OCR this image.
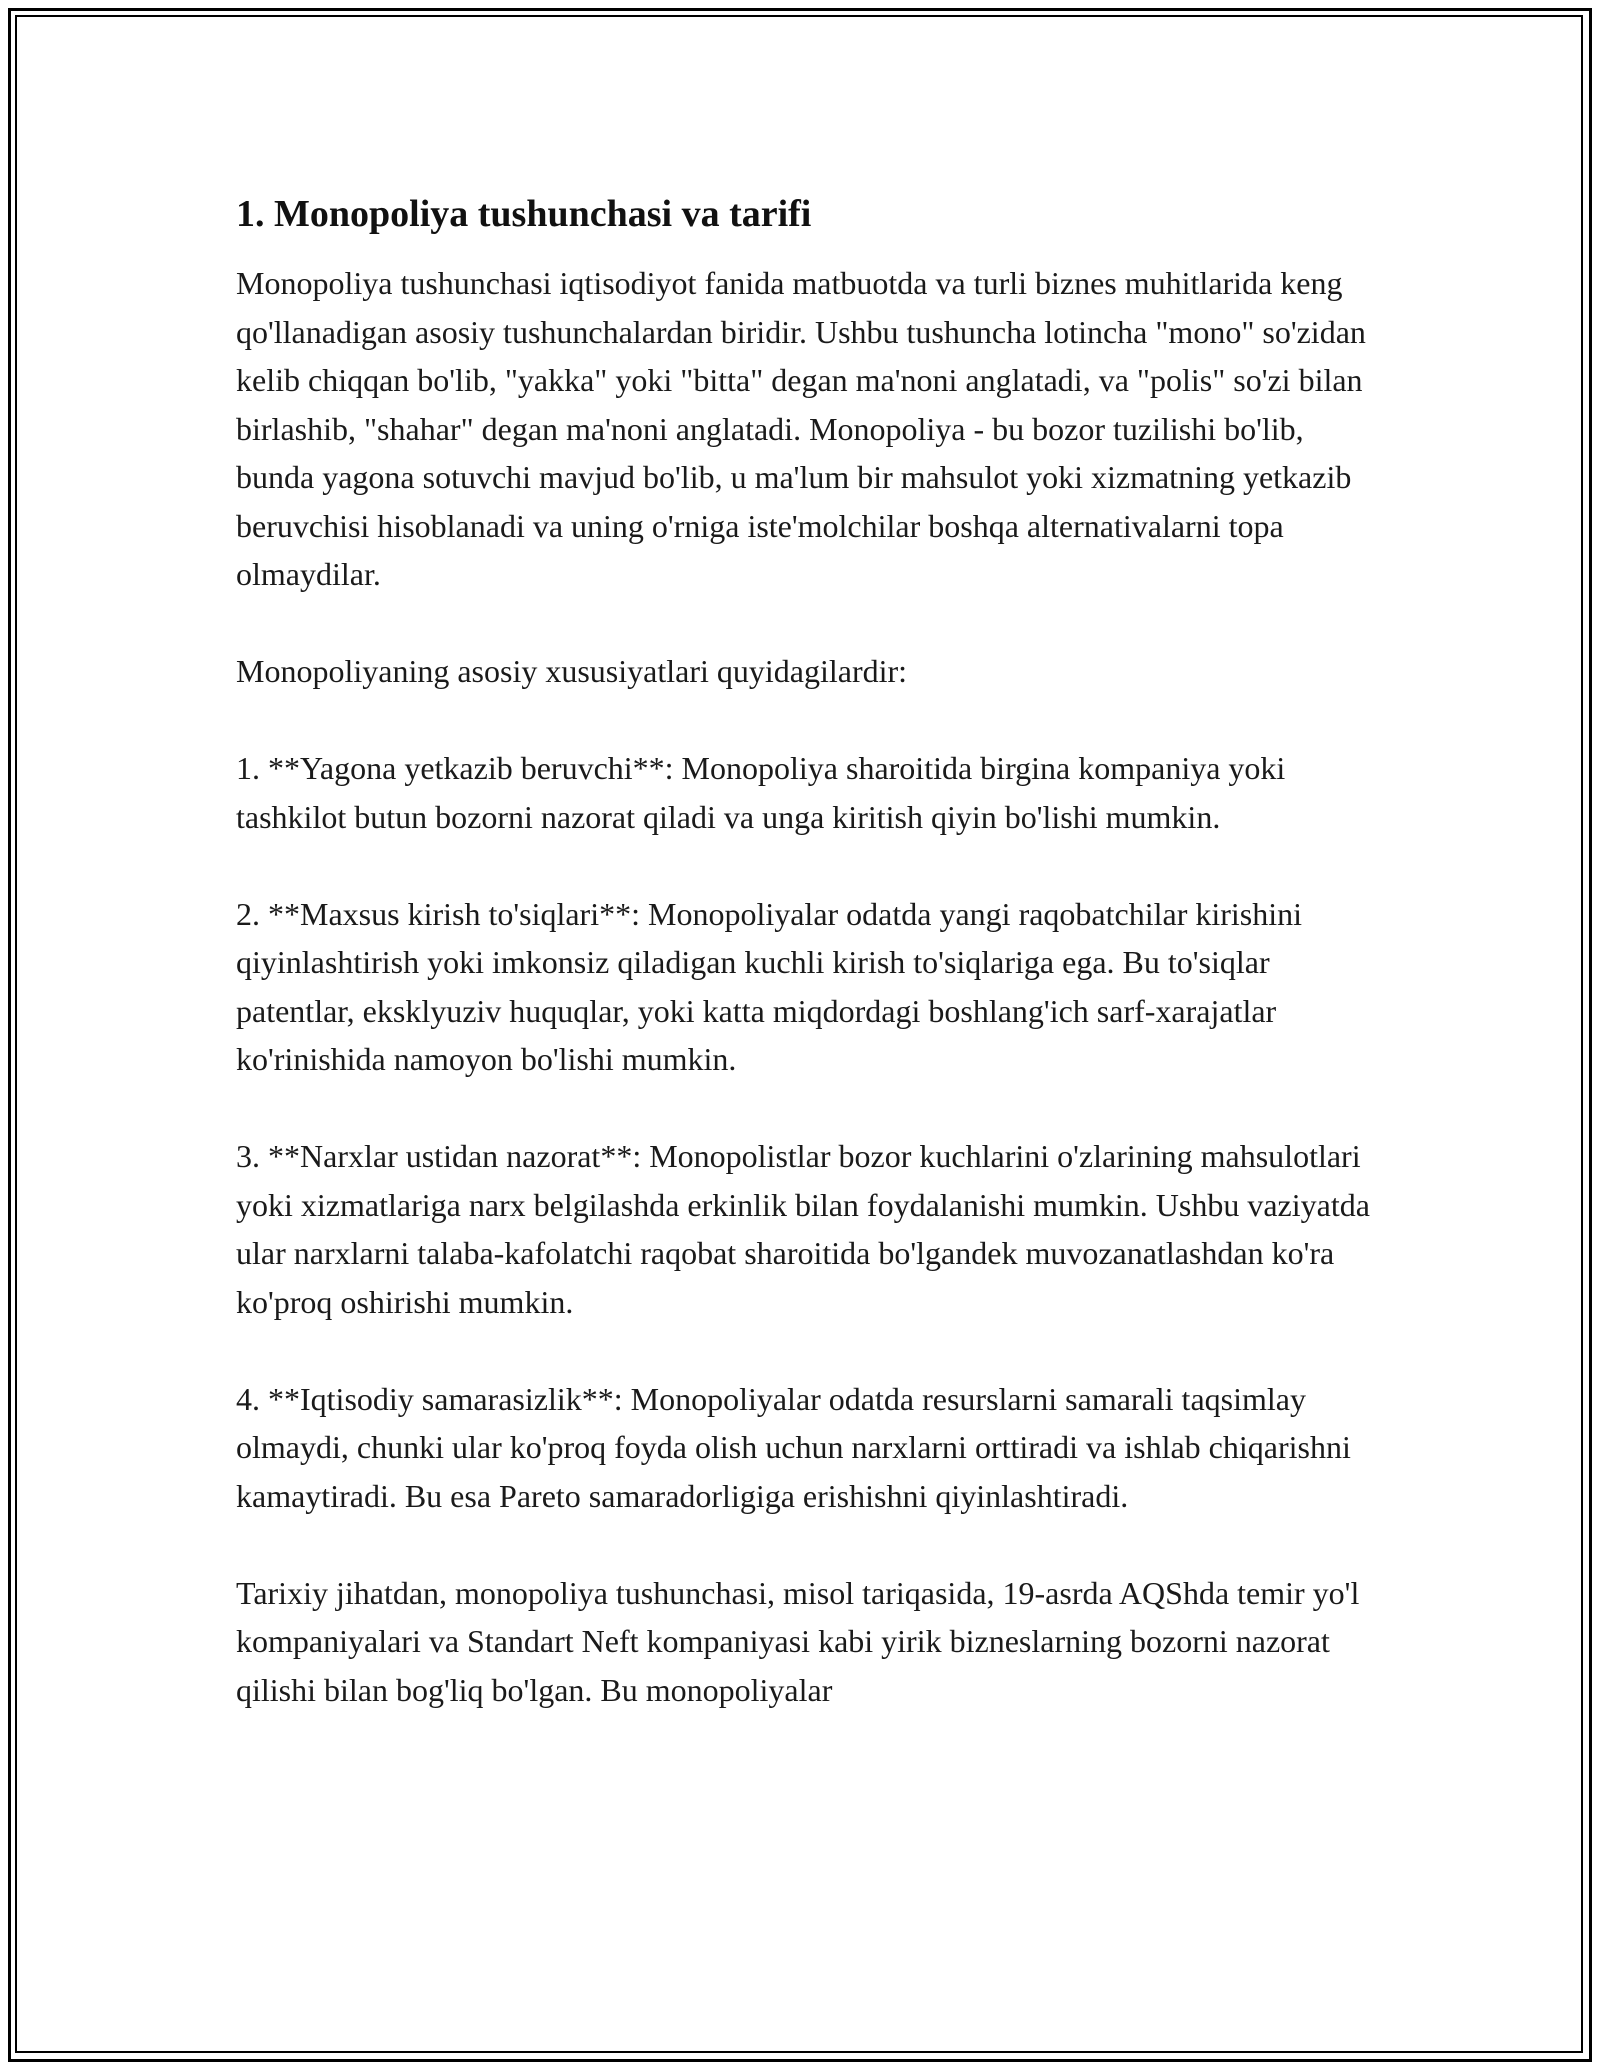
1. Monopoliya tushunchasi va tarifi

Monopoliya tushunchasi iqtisodiyot fanida matbuotda va turli biznes muhitlarida keng qo'llanadigan asosiy tushunchalardan biridir. Ushbu tushuncha lotincha "mono" so'zidan kelib chiqqan bo'lib, "yakka" yoki "bitta" degan ma'noni anglatadi, va "polis" so'zi bilan birlashib, "shahar" degan ma'noni anglatadi. Monopoliya - bu bozor tuzilishi bo'lib, bunda yagona sotuvchi mavjud bo'lib, u ma'lum bir mahsulot yoki xizmatning yetkazib beruvchisi hisoblanadi va uning o'rniga iste'molchilar boshqa alternativalarni topa olmaydilar.

Monopoliyaning asosiy xususiyatlari quyidagilardir:

1. **Yagona yetkazib beruvchi**: Monopoliya sharoitida birgina kompaniya yoki tashkilot butun bozorni nazorat qiladi va unga kiritish qiyin bo'lishi mumkin.

2. **Maxsus kirish to'siqlari**: Monopoliyalar odatda yangi raqobatchilar kirishini qiyinlashtirish yoki imkonsiz qiladigan kuchli kirish to'siqlariga ega. Bu to'siqlar patentlar, eksklyuziv huquqlar, yoki katta miqdordagi boshlang'ich sarf-xarajatlar ko'rinishida namoyon bo'lishi mumkin.

3. **Narxlar ustidan nazorat**: Monopolistlar bozor kuchlarini o'zlarining mahsulotlari yoki xizmatlariga narx belgilashda erkinlik bilan foydalanishi mumkin. Ushbu vaziyatda ular narxlarni talaba-kafolatchi raqobat sharoitida bo'lgandek muvozanatlashdan ko'ra ko'proq oshirishi mumkin.

4. **Iqtisodiy samarasizlik**: Monopoliyalar odatda resurslarni samarali taqsimlay olmaydi, chunki ular ko'proq foyda olish uchun narxlarni orttiradi va ishlab chiqarishni kamaytiradi. Bu esa Pareto samaradorligiga erishishni qiyinlashtiradi.

Tarixiy jihatdan, monopoliya tushunchasi, misol tariqasida, 19-asrda AQShda temir yo'l kompaniyalari va Standart Neft kompaniyasi kabi yirik bizneslarning bozorni nazorat qilishi bilan bog'liq bo'lgan. Bu monopoliyalar
